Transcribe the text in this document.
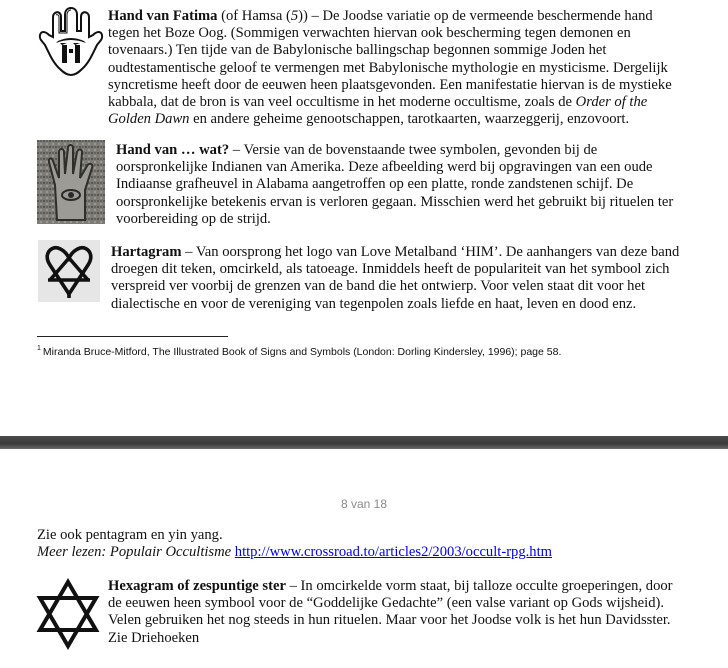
Hand van Fatima (of Hamsa (5)) – De Joodse variatie op de vermeende beschermende hand tegen het Boze Oog. (Sommigen verwachten hiervan ook bescherming tegen demonen en tovenaars.) Ten tijde van de Babylonische ballingschap begonnen sommige Joden het oudtestamentische geloof te vermengen met Babylonische mythologie en mysticisme. Dergelijk syncretisme heeft door de eeuwen heen plaatsgevonden. Een manifestatie hiervan is de mystieke kabbala, dat de bron is van veel occultisme in het moderne occultisme, zoals de Order of the Golden Dawn en andere geheime genootschappen, tarotkaarten, waarzeggerij, enzovoort.

Hand van … wat? – Versie van de bovenstaande twee symbolen, gevonden bij de oorspronkelijke Indianen van Amerika. Deze afbeelding werd bij opgravingen van een oude Indiaanse grafheuvel in Alabama aangetroffen op een platte, ronde zandstenen schijf. De oorspronkelijke betekenis ervan is verloren gegaan. Misschien werd het gebruikt bij rituelen ter voorbereiding op de strijd.

Hartagram – Van oorsprong het logo van Love Metalband ‘HIM’. De aanhangers van deze band droegen dit teken, omcirkeld, als tatoeage. Inmiddels heeft de populariteit van het symbool zich verspreid ver voorbij de grenzen van de band die het ontwierp. Voor velen staat dit voor het dialectische en voor de vereniging van tegenpolen zoals liefde en haat, leven en dood enz.

$^1$ Miranda Bruce-Mitford, The Illustrated Book of Signs and Symbols (London: Dorling Kindersley, 1996); page 58.
8 van 18
Zie ook pentagram en yin yang.
Meer lezen: Populair Occultisme http://www.crossroad.to/articles2/2003/occult-rpg.htm
Hexagram of zespuntige ster – In omcirkelde vorm staat, bij talloze occulte groeperingen, door de eeuwen heen symbool voor de “Goddelijke Gedachte” (een valse variant op Gods wijsheid). Velen gebruiken het nog steeds in hun rituelen. Maar voor het Joodse volk is het hun Davidsster.
Zie Driehoeken
